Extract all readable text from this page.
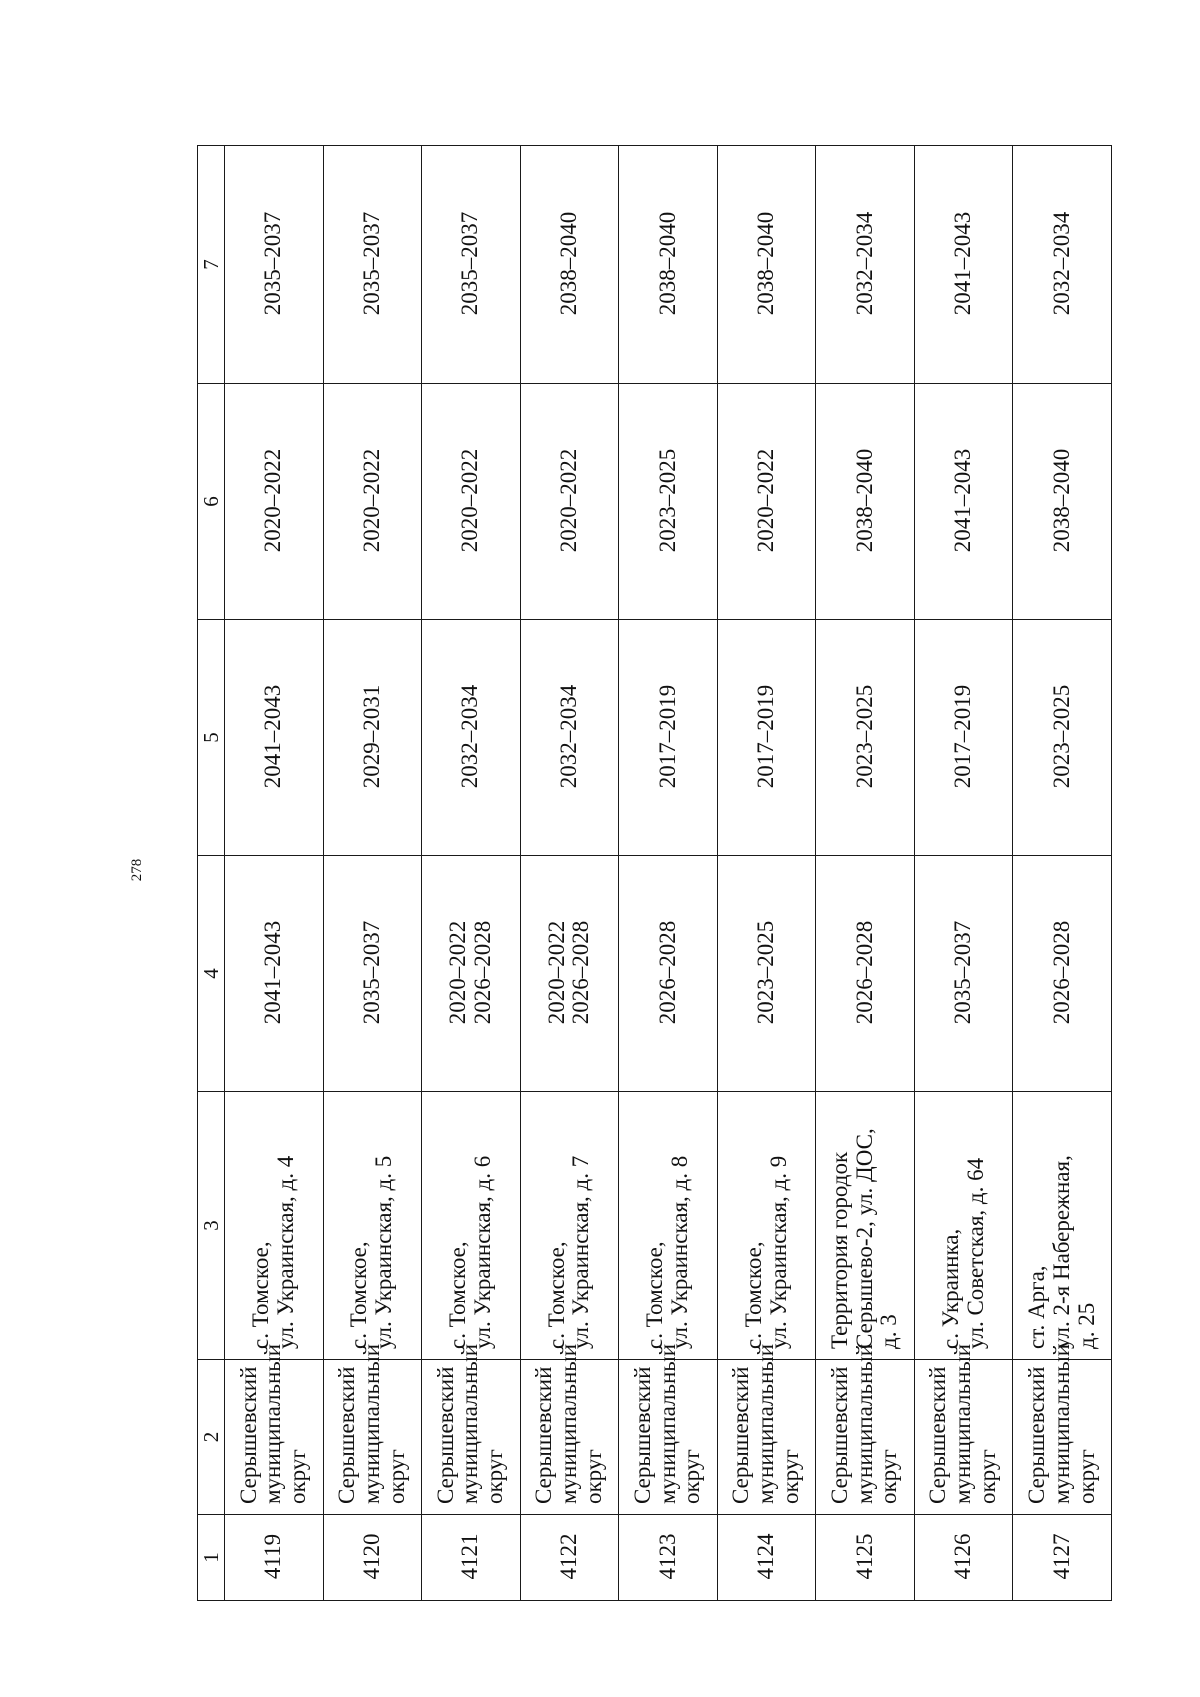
278
1	2	3	4	5	6	7
4119	Серышевский муниципальный округ	с. Томское,
ул. Украинская, д. 4	2041–2043	2041–2043	2020–2022	2035–2037
4120	Серышевский муниципальный округ	с. Томское,
ул. Украинская, д. 5	2035–2037	2029–2031	2020–2022	2035–2037
4121	Серышевский муниципальный округ	с. Томское,
ул. Украинская, д. 6	2020–2022
2026–2028	2032–2034	2020–2022	2035–2037
4122	Серышевский муниципальный округ	с. Томское,
ул. Украинская, д. 7	2020–2022
2026–2028	2032–2034	2020–2022	2038–2040
4123	Серышевский муниципальный округ	с. Томское,
ул. Украинская, д. 8	2026–2028	2017–2019	2023–2025	2038–2040
4124	Серышевский муниципальный округ	с. Томское,
ул. Украинская, д. 9	2023–2025	2017–2019	2020–2022	2038–2040
4125	Серышевский муниципальный округ	Территория городок
Серышево-2, ул. ДОС,
д. 3	2026–2028	2023–2025	2038–2040	2032–2034
4126	Серышевский муниципальный округ	с. Украинка,
ул. Советская, д. 64	2035–2037	2017–2019	2041–2043	2041–2043
4127	Серышевский муниципальный округ	ст. Арга,
ул. 2-я Набережная,
д. 25	2026–2028	2023–2025	2038–2040	2032–2034
